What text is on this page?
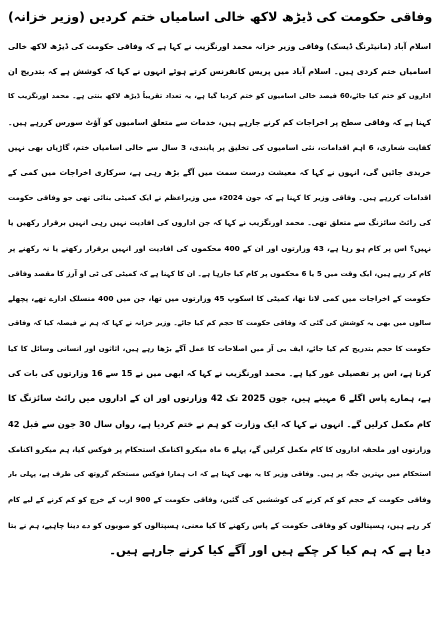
وفاقی حکومت کی ڈیڑھ لاکھ خالی اسامیاں ختم کردیں (وزیر خزانہ)
اسلام آباد (مانیٹرنگ ڈیسک) وفاقی وزیر خزانہ محمد اورنگزیب نے کہا ہے کہ وفاقی حکومت کی ڈیڑھ لاکھ خالی
اسامیاں ختم کردی ہیں۔ اسلام آباد میں پریس کانفرنس کرتے ہوئے انہوں نے کہا کہ کوشش ہے کہ بتدریج ان
اداروں کو ختم کیا جائے،60 فیصد خالی اسامیوں کو ختم کردیا گیا ہے، یہ تعداد تقریباً ڈیڑھ لاکھ بنتی ہے۔ محمد اورنگزیب کا
کہنا ہے کہ وفاقی سطح پر اخراجات کم کرنے جارہے ہیں، خدمات سے متعلق اسامیوں کو آؤٹ سورس کررہے ہیں۔
کفایت شعاری، 6 اہم اقدامات، نئی اسامیوں کی تخلیق پر پابندی، 3 سال سے خالی اسامیاں ختم، گاڑیاں بھی نہیں
خریدی جائیں گی، انہوں نے کہا کہ معیشت درست سمت میں آگے بڑھ رہی ہے، سرکاری اخراجات میں کمی کے
اقدامات کررہے ہیں۔ وفاقی وزیر کا کہنا ہے کہ جون 2024ء میں وزیراعظم نے ایک کمیٹی بنائی تھی جو وفاقی حکومت
کی رائٹ سائزنگ سے متعلق تھی۔ محمد اورنگزیب نے کہا کہ جن اداروں کی افادیت نہیں رہی انہیں برقرار رکھیں یا
نہیں؟ اس پر کام ہو رہا ہے، 43 وزارتوں اور ان کے 400 محکموں کی افادیت اور انہیں برقرار رکھنے یا نہ رکھنے پر
کام کر رہے ہیں، ایک وقت میں 5 یا 6 محکموں پر کام کیا جارہا ہے۔ ان کا کہنا ہے کہ کمیٹی کی ٹی او آرز کا مقصد وفاقی
حکومت کے اخراجات میں کمی لانا تھا، کمیٹی کا اسکوپ 45 وزارتوں میں تھا، جن میں 400 منسلک ادارے تھے، پچھلے
سالوں میں بھی یہ کوشش کی گئی کہ وفاقی حکومت کا حجم کم کیا جائے۔ وزیر خزانہ نے کہا کہ ہم نے فیصلہ کیا کہ وفاقی
حکومت کا حجم بتدریج کم کیا جائے، ایف بی آر میں اصلاحات کا عمل آگے بڑھا رہے ہیں، اثاثوں اور انسانی وسائل کا کیا
کرنا ہے، اس پر تفصیلی غور کیا ہے۔ محمد اورنگزیب نے کہا کہ ابھی میں نے 15 سے 16 وزارتوں کی بات کی
ہے، ہمارے پاس اگلے 6 مہینے ہیں، جون 2025 تک 42 وزارتوں اور ان کے اداروں میں رائٹ سائزنگ کا
کام مکمل کرلیں گے۔ انہوں نے کہا کہ ایک وزارت کو ہم نے ختم کردیا ہے، رواں سال 30 جون سے قبل 42
وزارتوں اور ملحقہ اداروں کا کام مکمل کرلیں گے، پہلے 6 ماہ میکرو اکنامک استحکام پر فوکس کیا، ہم میکرو اکنامک
استحکام میں بہترین جگہ پر ہیں۔ وفاقی وزیر کا یہ بھی کہنا ہے کہ اب ہمارا فوکس مستحکم گروتھ کی طرف ہے، پہلی بار
وفاقی حکومت کے حجم کو کم کرنے کی کوششیں کی گئیں، وفاقی حکومت کے 900 ارب کے خرچ کو کم کرنے کے لیے کام
کر رہے ہیں، ہسپتالوں کو وفاقی حکومت کے پاس رکھنے کا کیا معنی، ہسپتالوں کو صوبوں کو دے دینا چاہیے، ہم نے بتا
دیا ہے کہ ہم کیا کر چکے ہیں اور آگے کیا کرنے جارہے ہیں۔
